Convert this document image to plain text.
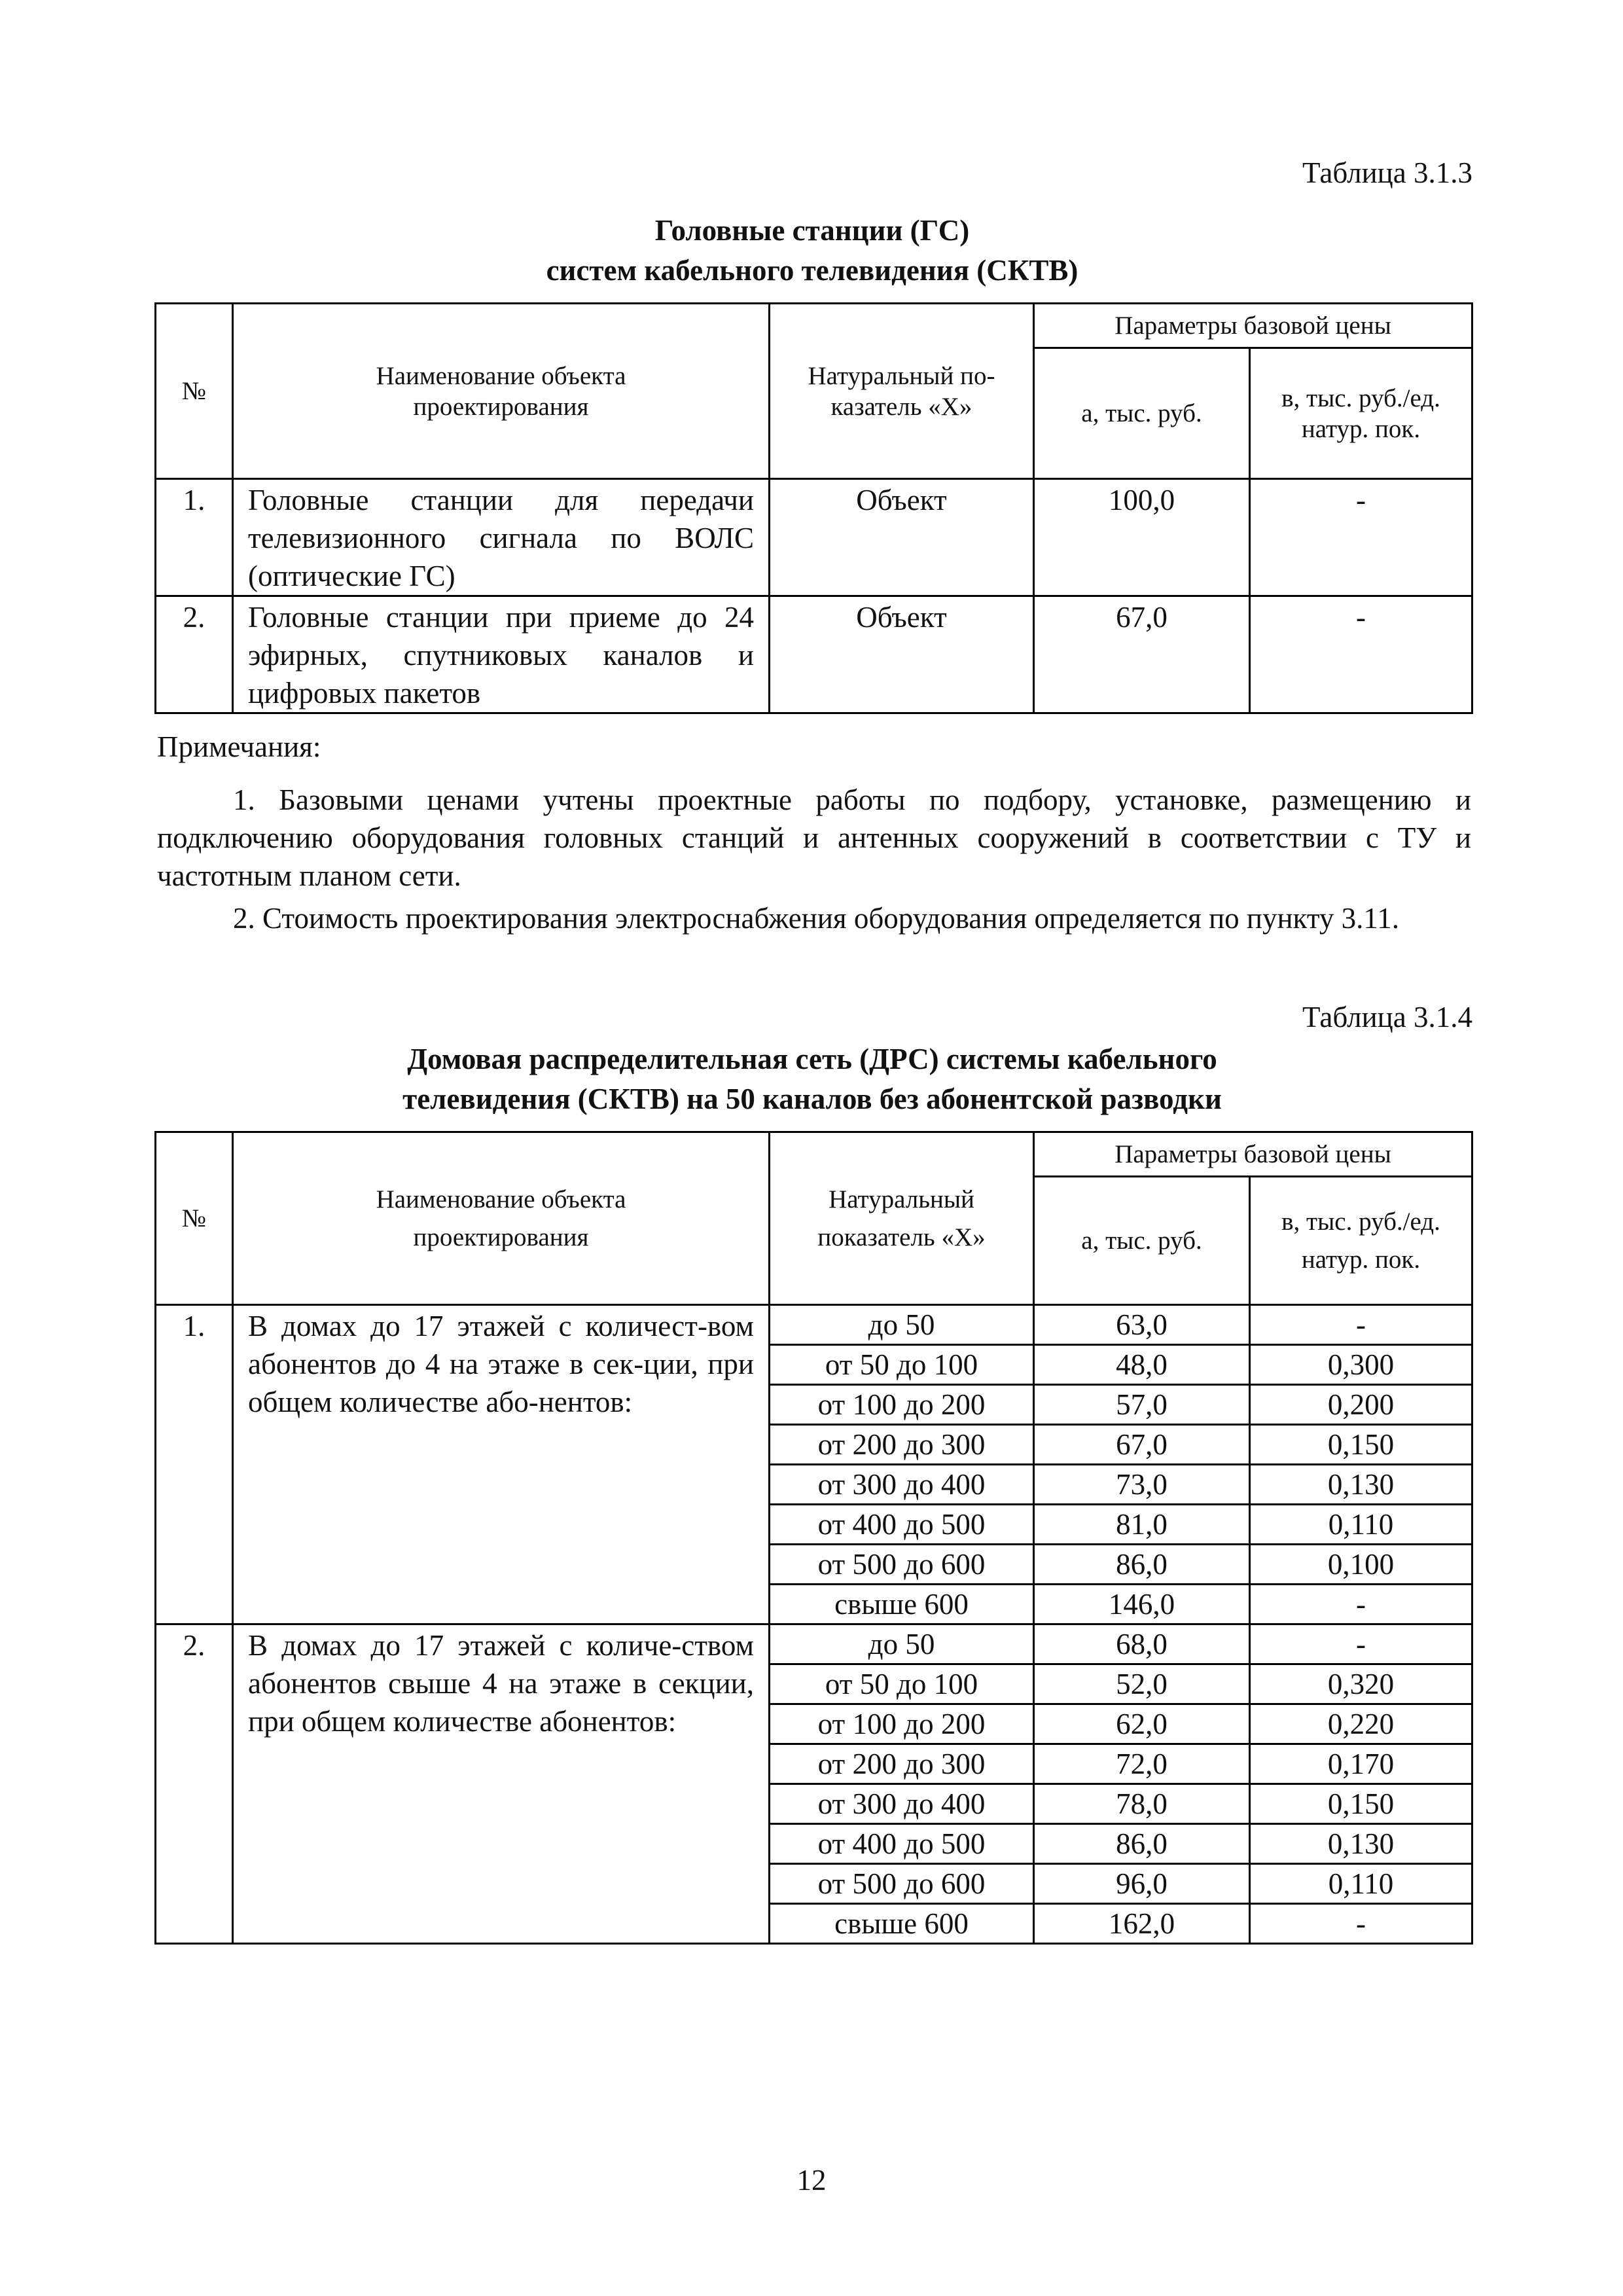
Таблица 3.1.3
Головные станции (ГС)
систем кабельного телевидения (СКТВ)
№	Наименование объекта проектирования	Натуральный по-казатель «Х»	Параметры базовой цены	
			а, тыс. руб.	в, тыс. руб./ед. натур. пок.
1.	Головные станции для передачи телевизионного сигнала по ВОЛС (оптические ГС)	Объект	100,0	-
2.	Головные станции при приеме до 24 эфирных, спутниковых каналов и цифровых пакетов	Объект	67,0	-
Примечания:
1. Базовыми ценами учтены проектные работы по подбору, установке, размещению и подключению оборудования головных станций и антенных сооружений в соответствии с ТУ и частотным планом сети.
2. Стоимость проектирования электроснабжения оборудования определяется по пункту 3.11.
Таблица 3.1.4
Домовая распределительная сеть (ДРС) системы кабельного
телевидения (СКТВ) на 50 каналов без абонентской разводки
№	Наименование объекта проектирования	Натуральный показатель «Х»	Параметры базовой цены	
			а, тыс. руб.	в, тыс. руб./ед. натур. пок.
1.	В домах до 17 этажей с количест-вом абонентов до 4 на этаже в сек-ции, при общем количестве або-нентов:	до 50	63,0	-
		от 50 до 100	48,0	0,300
		от 100 до 200	57,0	0,200
		от 200 до 300	67,0	0,150
		от 300 до 400	73,0	0,130
		от 400 до 500	81,0	0,110
		от 500 до 600	86,0	0,100
		свыше 600	146,0	-
2.	В домах до 17 этажей с количе-ством абонентов свыше 4 на этаже в секции, при общем количестве абонентов:	до 50	68,0	-
		от 50 до 100	52,0	0,320
		от 100 до 200	62,0	0,220
		от 200 до 300	72,0	0,170
		от 300 до 400	78,0	0,150
		от 400 до 500	86,0	0,130
		от 500 до 600	96,0	0,110
		свыше 600	162,0	-
12
